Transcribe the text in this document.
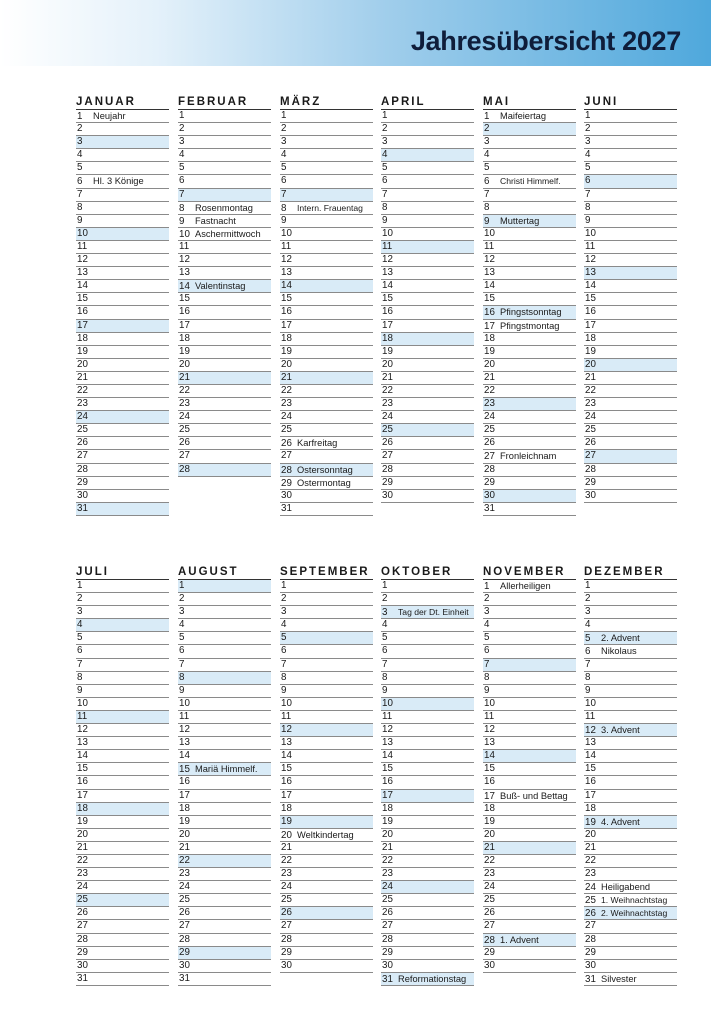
Jahresübersicht 2027
JANUAR
1 Neujahr
2
3
4
5
6 Hl. 3 Könige
7
8
9
10
11
12
13
14
15
16
17
18
19
20
21
22
23
24
25
26
27
28
29
30
31
FEBRUAR
1
2
3
4
5
6
7
8 Rosenmontag
9 Fastnacht
10 Aschermittwoch
11
12
13
14 Valentinstag
15
16
17
18
19
20
21
22
23
24
25
26
27
28
MÄRZ
1
2
3
4
5
6
7
8 Intern. Frauentag
9
10
11
12
13
14
15
16
17
18
19
20
21
22
23
24
25
26 Karfreitag
27
28 Ostersonntag
29 Ostermontag
30
31
APRIL
1
2
3
4
5
6
7
8
9
10
11
12
13
14
15
16
17
18
19
20
21
22
23
24
25
26
27
28
29
30
MAI
1 Maifeiertag
2
3
4
5
6 Christi Himmelf.
7
8
9 Muttertag
10
11
12
13
14
15
16 Pfingstsonntag
17 Pfingstmontag
18
19
20
21
22
23
24
25
26
27 Fronleichnam
28
29
30
31
JUNI
1
2
3
4
5
6
7
8
9
10
11
12
13
14
15
16
17
18
19
20
21
22
23
24
25
26
27
28
29
30
JULI
1
2
3
4
5
6
7
8
9
10
11
12
13
14
15
16
17
18
19
20
21
22
23
24
25
26
27
28
29
30
31
AUGUST
1
2
3
4
5
6
7
8
9
10
11
12
13
14
15 Mariä Himmelf.
16
17
18
19
20
21
22
23
24
25
26
27
28
29
30
31
SEPTEMBER
1
2
3
4
5
6
7
8
9
10
11
12
13
14
15
16
17
18
19
20 Weltkindertag
21
22
23
24
25
26
27
28
29
30
OKTOBER
1
2
3 Tag der Dt. Einheit
4
5
6
7
8
9
10
11
12
13
14
15
16
17
18
19
20
21
22
23
24
25
26
27
28
29
30
31 Reformationstag
NOVEMBER
1 Allerheiligen
2
3
4
5
6
7
8
9
10
11
12
13
14
15
16
17 Buß- und Bettag
18
19
20
21
22
23
24
25
26
27
28 1. Advent
29
30
DEZEMBER
1
2
3
4
5 2. Advent
6 Nikolaus
7
8
9
10
11
12 3. Advent
13
14
15
16
17
18
19 4. Advent
20
21
22
23
24 Heiligabend
25 1. Weihnachtstag
26 2. Weihnachtstag
27
28
29
30
31 Silvester
